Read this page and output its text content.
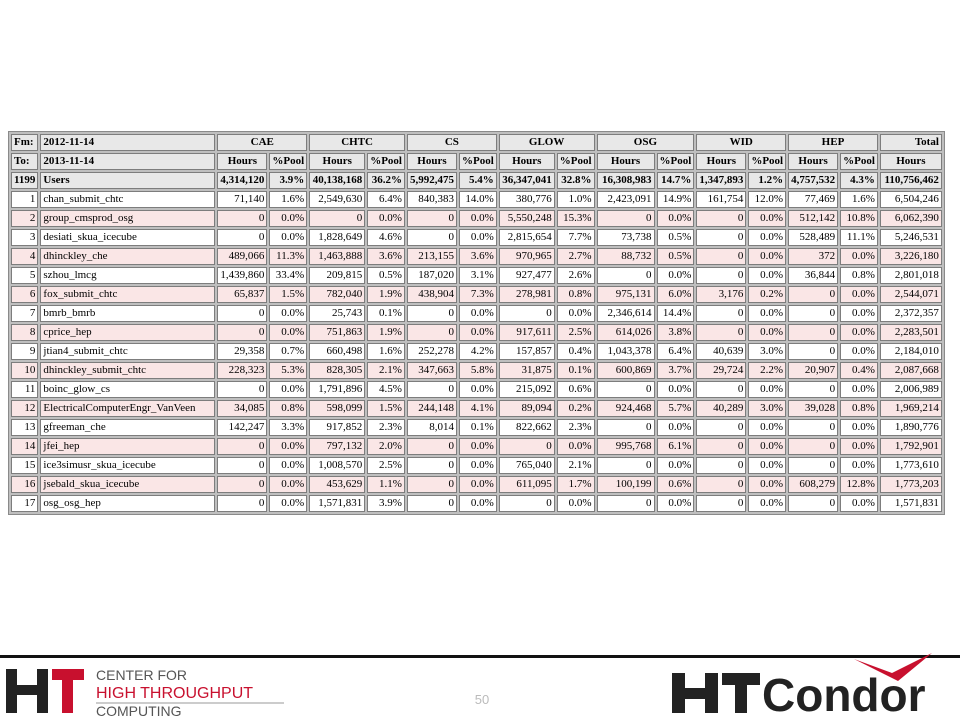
Fm:	2012-11-14	CAE		CHTC		CS		GLOW		OSG		WID		HEP		Total
To:	2013-11-14	Hours	%Pool	Hours	%Pool	Hours	%Pool	Hours	%Pool	Hours	%Pool	Hours	%Pool	Hours	%Pool	Hours
1199	Users	4,314,120	3.9%	40,138,168	36.2%	5,992,475	5.4%	36,347,041	32.8%	16,308,983	14.7%	1,347,893	1.2%	4,757,532	4.3%	110,756,462
1	chan_submit_chtc	71,140	1.6%	2,549,630	6.4%	840,383	14.0%	380,776	1.0%	2,423,091	14.9%	161,754	12.0%	77,469	1.6%	6,504,246
2	group_cmsprod_osg	0	0.0%	0	0.0%	0	0.0%	5,550,248	15.3%	0	0.0%	0	0.0%	512,142	10.8%	6,062,390
3	desiati_skua_icecube	0	0.0%	1,828,649	4.6%	0	0.0%	2,815,654	7.7%	73,738	0.5%	0	0.0%	528,489	11.1%	5,246,531
4	dhinckley_che	489,066	11.3%	1,463,888	3.6%	213,155	3.6%	970,965	2.7%	88,732	0.5%	0	0.0%	372	0.0%	3,226,180
5	szhou_lmcg	1,439,860	33.4%	209,815	0.5%	187,020	3.1%	927,477	2.6%	0	0.0%	0	0.0%	36,844	0.8%	2,801,018
6	fox_submit_chtc	65,837	1.5%	782,040	1.9%	438,904	7.3%	278,981	0.8%	975,131	6.0%	3,176	0.2%	0	0.0%	2,544,071
7	bmrb_bmrb	0	0.0%	25,743	0.1%	0	0.0%	0	0.0%	2,346,614	14.4%	0	0.0%	0	0.0%	2,372,357
8	cprice_hep	0	0.0%	751,863	1.9%	0	0.0%	917,611	2.5%	614,026	3.8%	0	0.0%	0	0.0%	2,283,501
9	jtian4_submit_chtc	29,358	0.7%	660,498	1.6%	252,278	4.2%	157,857	0.4%	1,043,378	6.4%	40,639	3.0%	0	0.0%	2,184,010
10	dhinckley_submit_chtc	228,323	5.3%	828,305	2.1%	347,663	5.8%	31,875	0.1%	600,869	3.7%	29,724	2.2%	20,907	0.4%	2,087,668
11	boinc_glow_cs	0	0.0%	1,791,896	4.5%	0	0.0%	215,092	0.6%	0	0.0%	0	0.0%	0	0.0%	2,006,989
12	ElectricalComputerEngr_VanVeen	34,085	0.8%	598,099	1.5%	244,148	4.1%	89,094	0.2%	924,468	5.7%	40,289	3.0%	39,028	0.8%	1,969,214
13	gfreeman_che	142,247	3.3%	917,852	2.3%	8,014	0.1%	822,662	2.3%	0	0.0%	0	0.0%	0	0.0%	1,890,776
14	jfei_hep	0	0.0%	797,132	2.0%	0	0.0%	0	0.0%	995,768	6.1%	0	0.0%	0	0.0%	1,792,901
15	ice3simusr_skua_icecube	0	0.0%	1,008,570	2.5%	0	0.0%	765,040	2.1%	0	0.0%	0	0.0%	0	0.0%	1,773,610
16	jsebald_skua_icecube	0	0.0%	453,629	1.1%	0	0.0%	611,095	1.7%	100,199	0.6%	0	0.0%	608,279	12.8%	1,773,203
17	osg_osg_hep	0	0.0%	1,571,831	3.9%	0	0.0%	0	0.0%	0	0.0%	0	0.0%	0	0.0%	1,571,831
CENTER FOR
HIGH THROUGHPUT
COMPUTING
50	Condor
